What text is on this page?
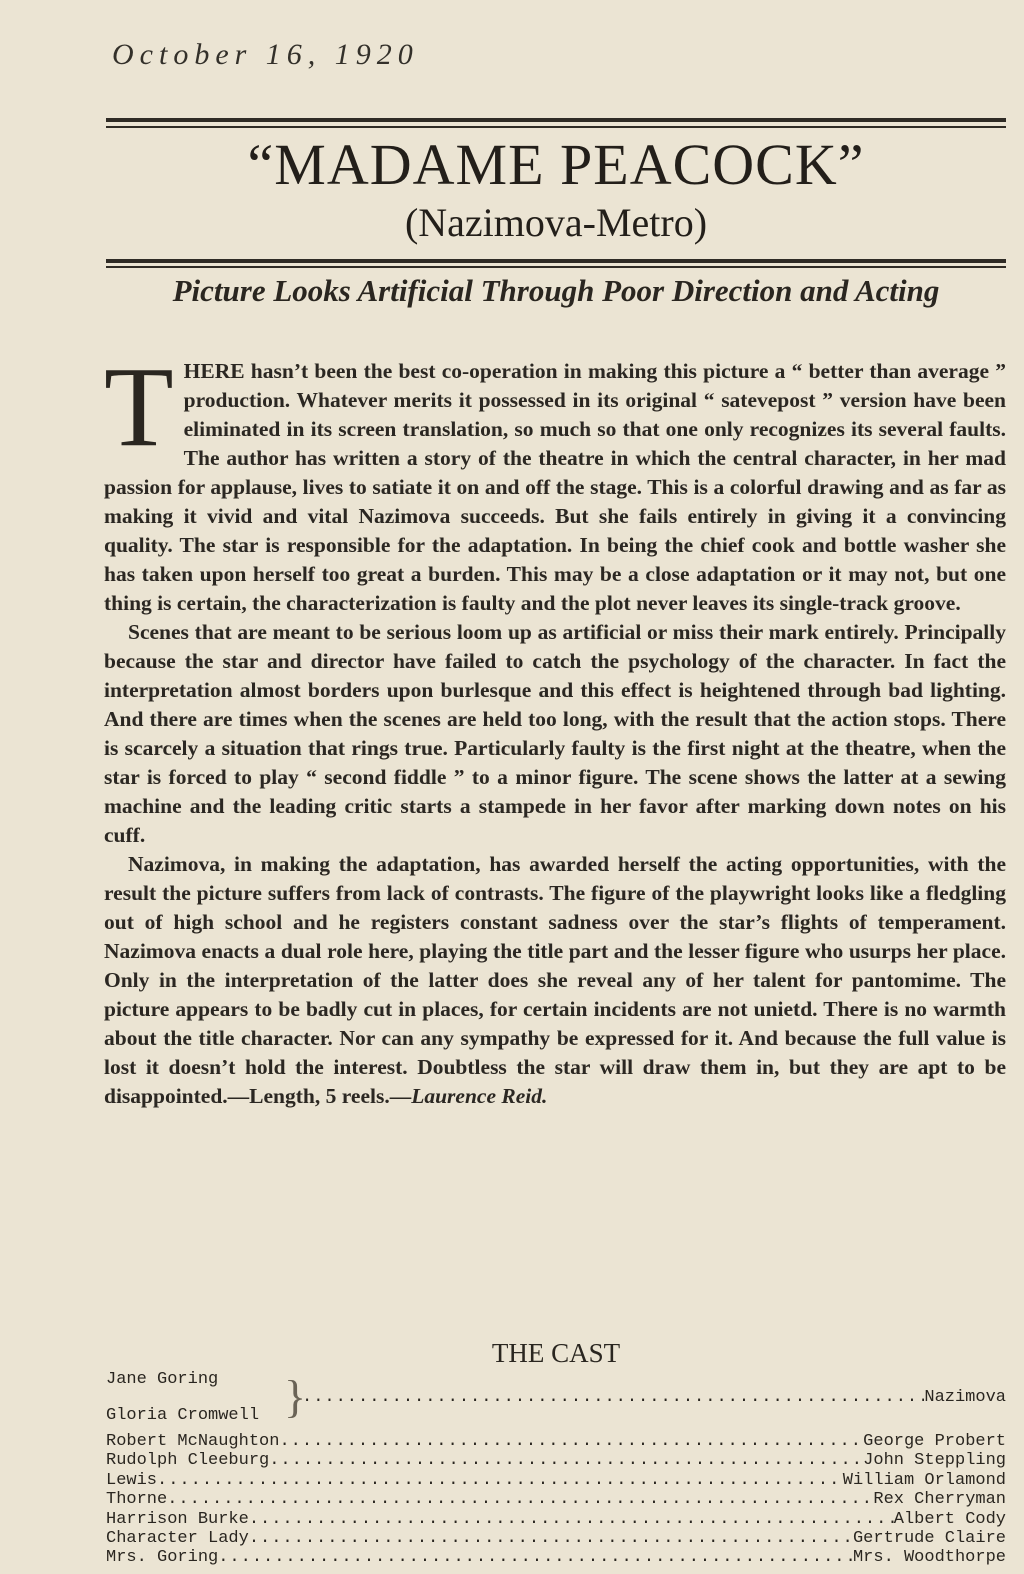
October 16, 1920
“MADAME PEACOCK”
(Nazimova-Metro)
Picture Looks Artificial Through Poor Direction and Acting

THERE hasn’t been the best co-operation in making this picture a “ better than average ” production. Whatever merits it possessed in its original “ satevepost ” version have been eliminated in its screen translation, so much so that one only recognizes its several faults. The author has written a story of the theatre in which the central character, in her mad passion for applause, lives to satiate it on and off the stage. This is a colorful drawing and as far as making it vivid and vital Nazimova succeeds. But she fails entirely in giving it a convincing quality. The star is responsible for the adaptation. In being the chief cook and bottle washer she has taken upon herself too great a burden. This may be a close adaptation or it may not, but one thing is certain, the characterization is faulty and the plot never leaves its single-track groove.

Scenes that are meant to be serious loom up as artificial or miss their mark entirely. Principally because the star and director have failed to catch the psychology of the character. In fact the interpretation almost borders upon burlesque and this effect is heightened through bad lighting. And there are times when the scenes are held too long, with the result that the action stops. There is scarcely a situation that rings true. Particularly faulty is the first night at the theatre, when the star is forced to play “ second fiddle ” to a minor figure. The scene shows the latter at a sewing machine and the leading critic starts a stampede in her favor after marking down notes on his cuff.

Nazimova, in making the adaptation, has awarded herself the acting opportunities, with the result the picture suffers from lack of contrasts. The figure of the playwright looks like a fledgling out of high school and he registers constant sadness over the star’s flights of temperament. Nazimova enacts a dual role here, playing the title part and the lesser figure who usurps her place. Only in the interpretation of the latter does she reveal any of her talent for pantomime. The picture appears to be badly cut in places, for certain incidents are not unietd. There is no warmth about the title character. Nor can any sympathy be expressed for it. And because the full value is lost it doesn’t hold the interest. Doubtless the star will draw them in, but they are apt to be disappointed.—Length, 5 reels.—Laurence Reid.

THE CAST
Jane Goring } .....	Nazimova
Gloria Cromwell
Robert McNaughton .....	George Probert
Rudolph Cleeburg .....	John Steppling
Lewis .....	William Orlamond
Thorne .....	Rex Cherryman
Harrison Burke .....	Albert Cody
Character Lady .....	Gertrude Claire
Mrs. Goring .....	Mrs. Woodthorpe
